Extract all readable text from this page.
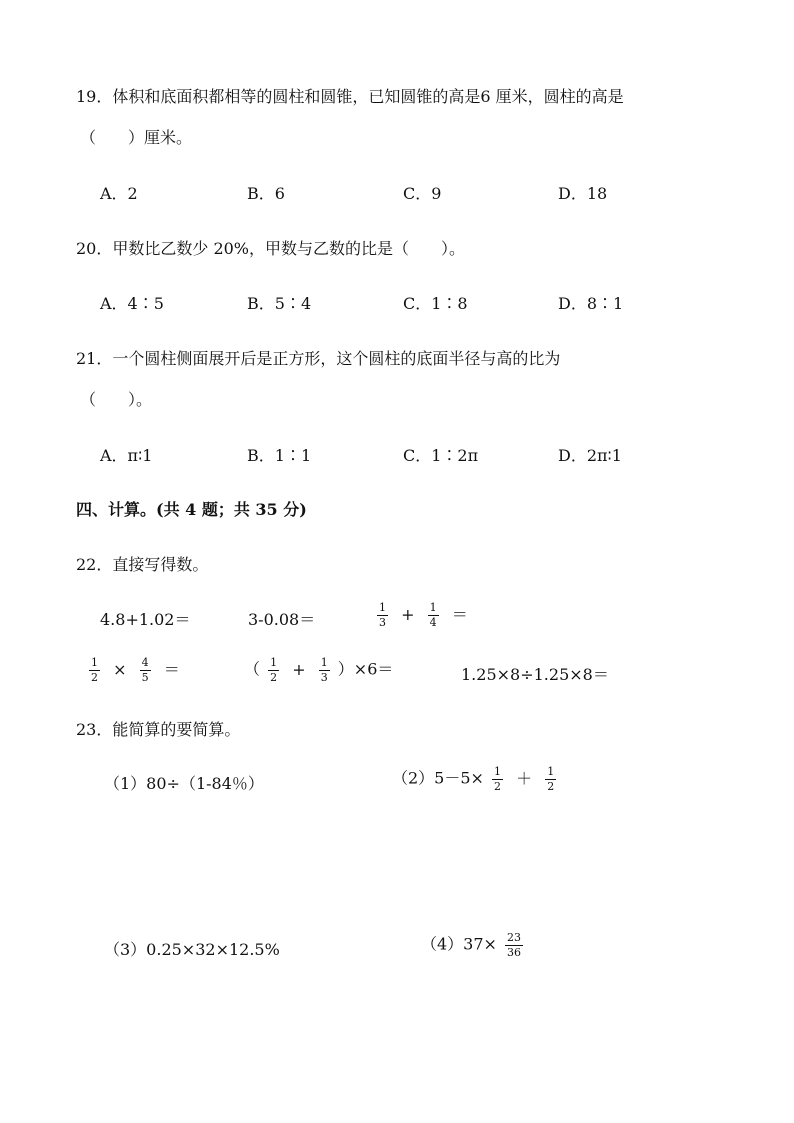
19．体积和底面积都相等的圆柱和圆锥，已知圆锥的高是6 厘米，圆柱的高是
（　　）厘米。
A．2	B．6	C．9	D．18
20．甲数比乙数少 20%，甲数与乙数的比是（　　）。
A．4∶5	B．5∶4	C．1∶8	D．8∶1
21．一个圆柱侧面展开后是正方形，这个圆柱的底面半径与高的比为
（　　）。
A．π∶1	B．1∶1	C．1∶2π	D．2π∶1
四、计算。(共 4 题；共 35 分)
22．直接写得数。
4.8+1.02＝	3-0.08＝	$\frac{1}{3} + \frac{1}{4}$ ＝
$\frac{1}{2} \times \frac{4}{5}$ ＝	（ $\frac{1}{2} + \frac{1}{3} )\times 6=$	1.25×8÷1.25×8＝
23．能简算的要简算。
（1）80÷（1-84％）	$(2)5-5\times \frac{1}{2} + \frac{1}{2}$
（3）0.25×32×12.5%	$(4)37\times \frac{23}{36}$
